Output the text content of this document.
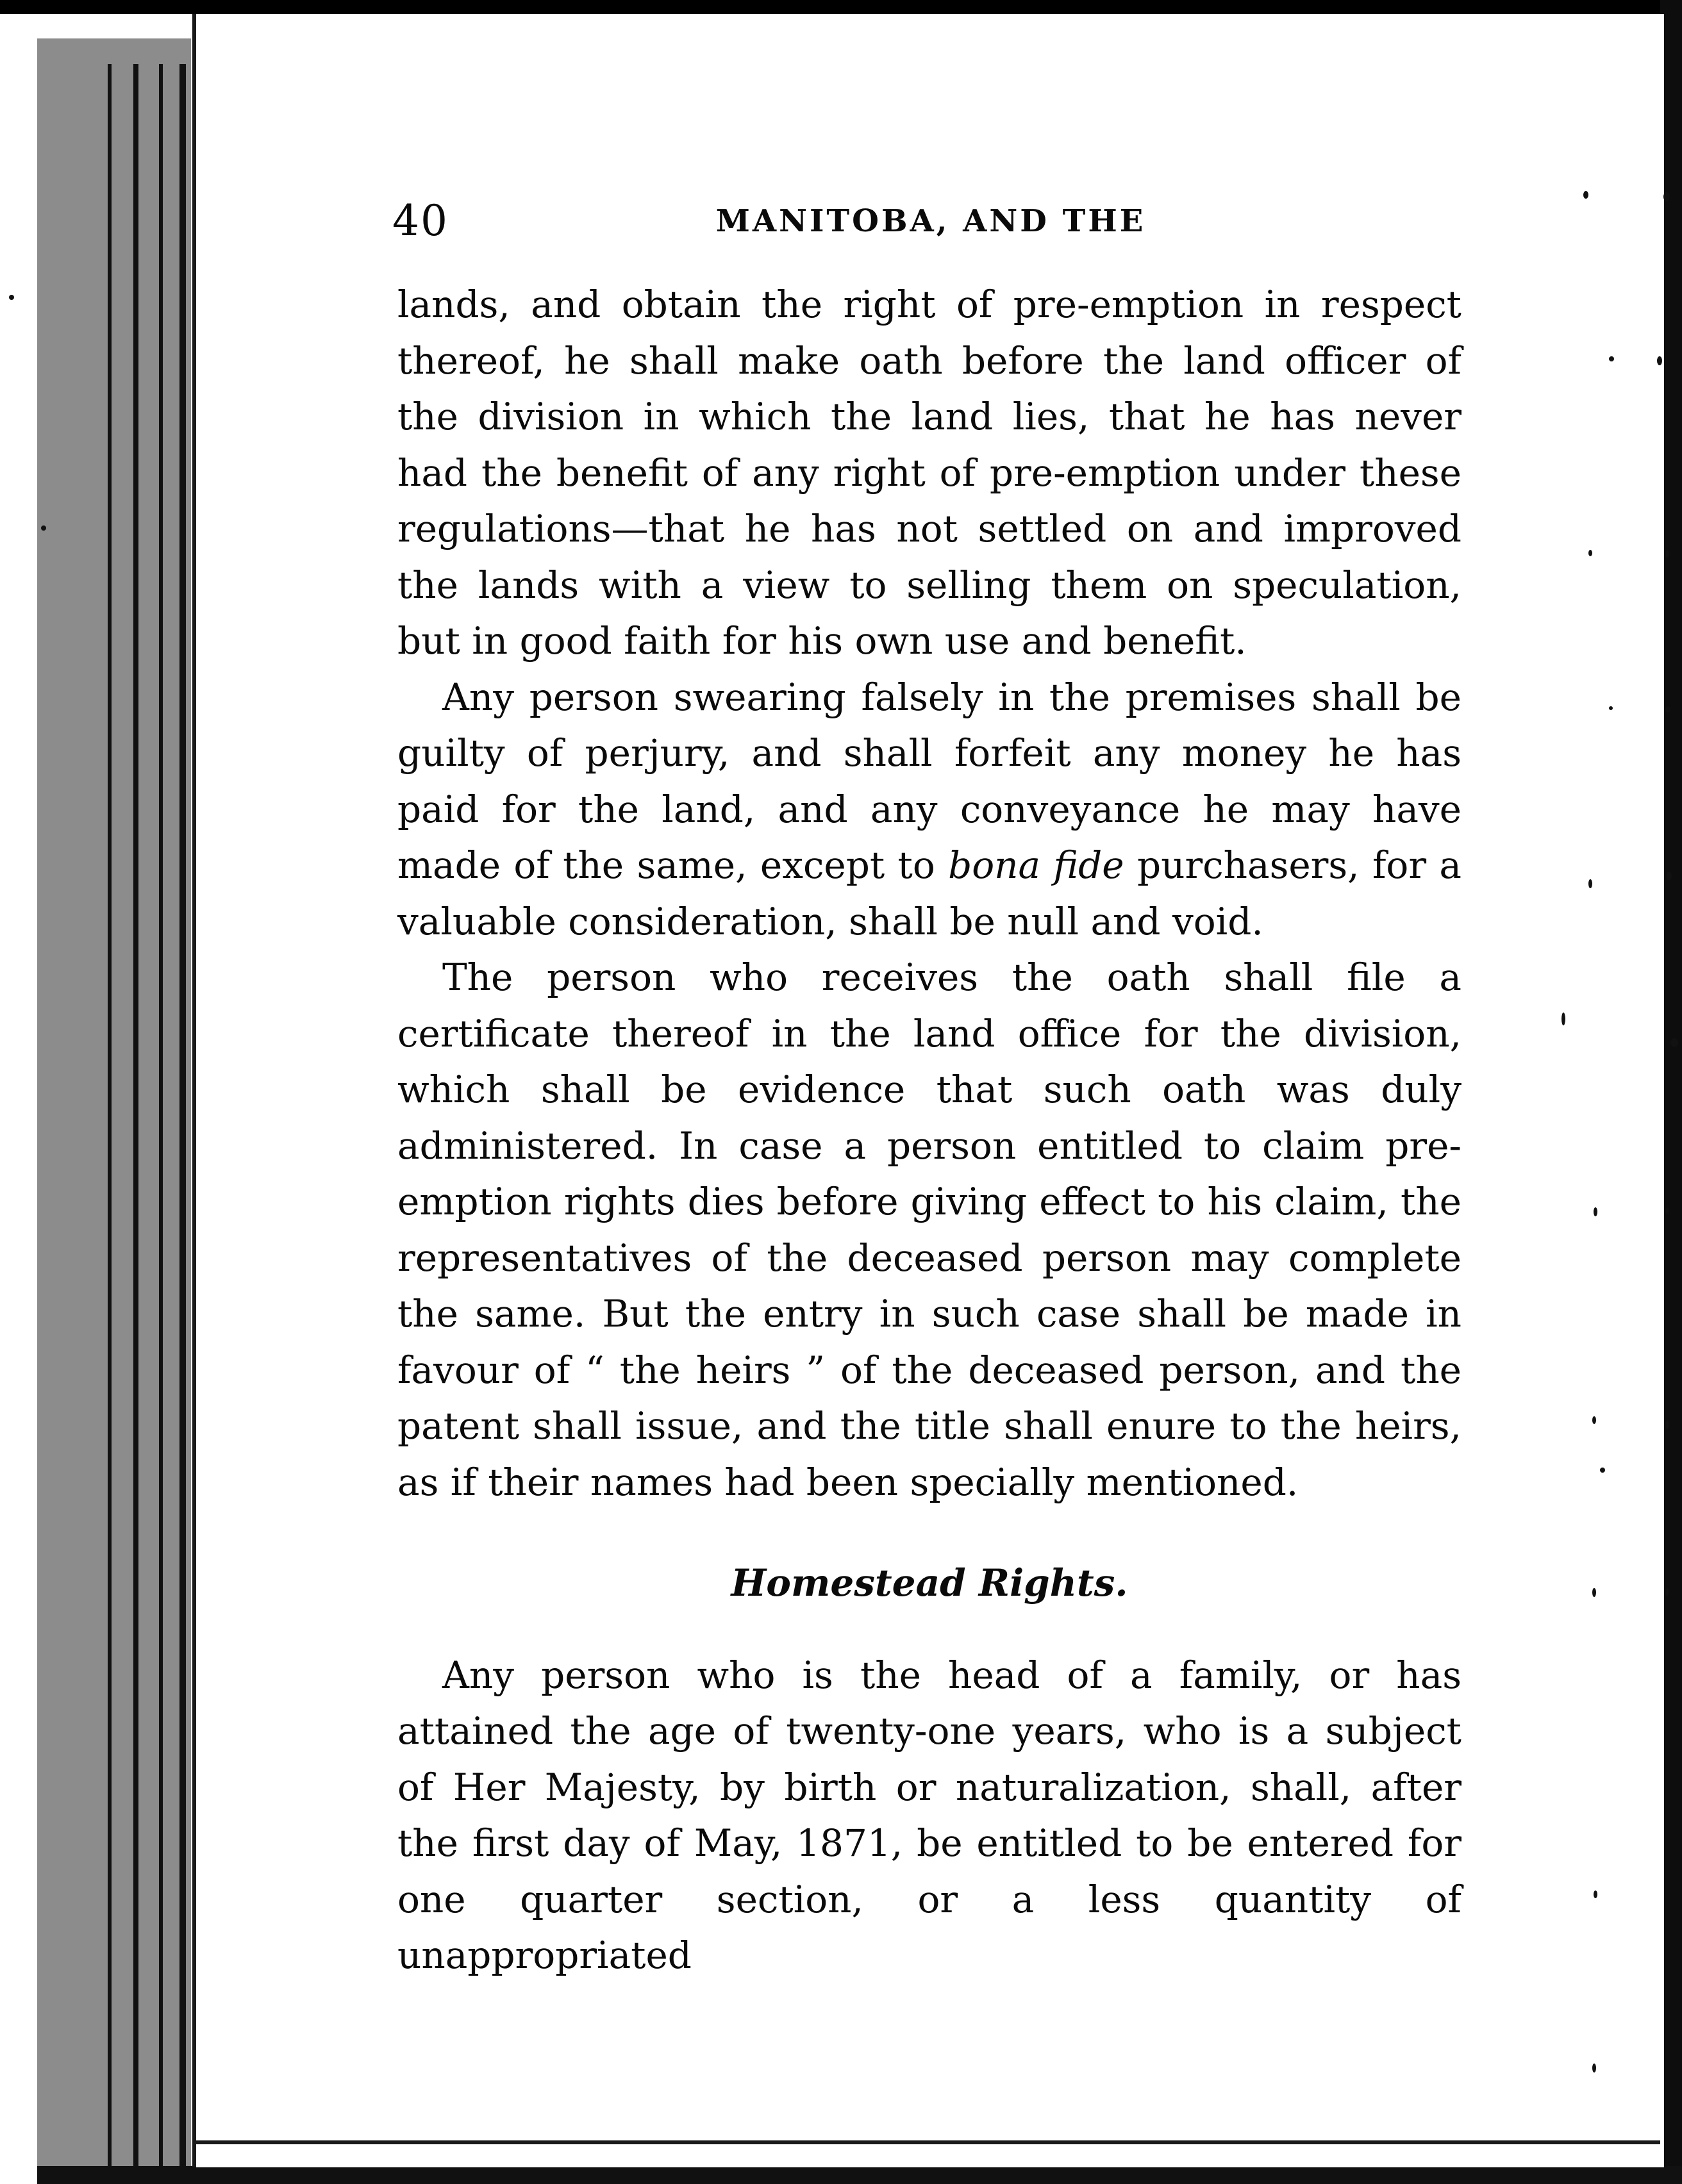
40	MANITOBA, AND THE

lands, and obtain the right of pre-emption in respect thereof, he shall make oath before the land officer of the division in which the land lies, that he has never had the benefit of any right of pre-emption under these regulations—that he has not settled on and improved the lands with a view to selling them on speculation, but in good faith for his own use and benefit.

Any person swearing falsely in the premises shall be guilty of perjury, and shall forfeit any money he has paid for the land, and any conveyance he may have made of the same, except to bona fide purchasers, for a valuable consideration, shall be null and void.

The person who receives the oath shall file a certificate thereof in the land office for the division, which shall be evidence that such oath was duly administered. In case a person entitled to claim pre-emption rights dies before giving effect to his claim, the representatives of the deceased person may complete the same. But the entry in such case shall be made in favour of “ the heirs ” of the deceased person, and the patent shall issue, and the title shall enure to the heirs, as if their names had been specially mentioned.

Homestead Rights.

Any person who is the head of a family, or has attained the age of twenty-one years, who is a subject of Her Majesty, by birth or naturalization, shall, after the first day of May, 1871, be entitled to be entered for one quarter section, or a less quantity of unappropriated
